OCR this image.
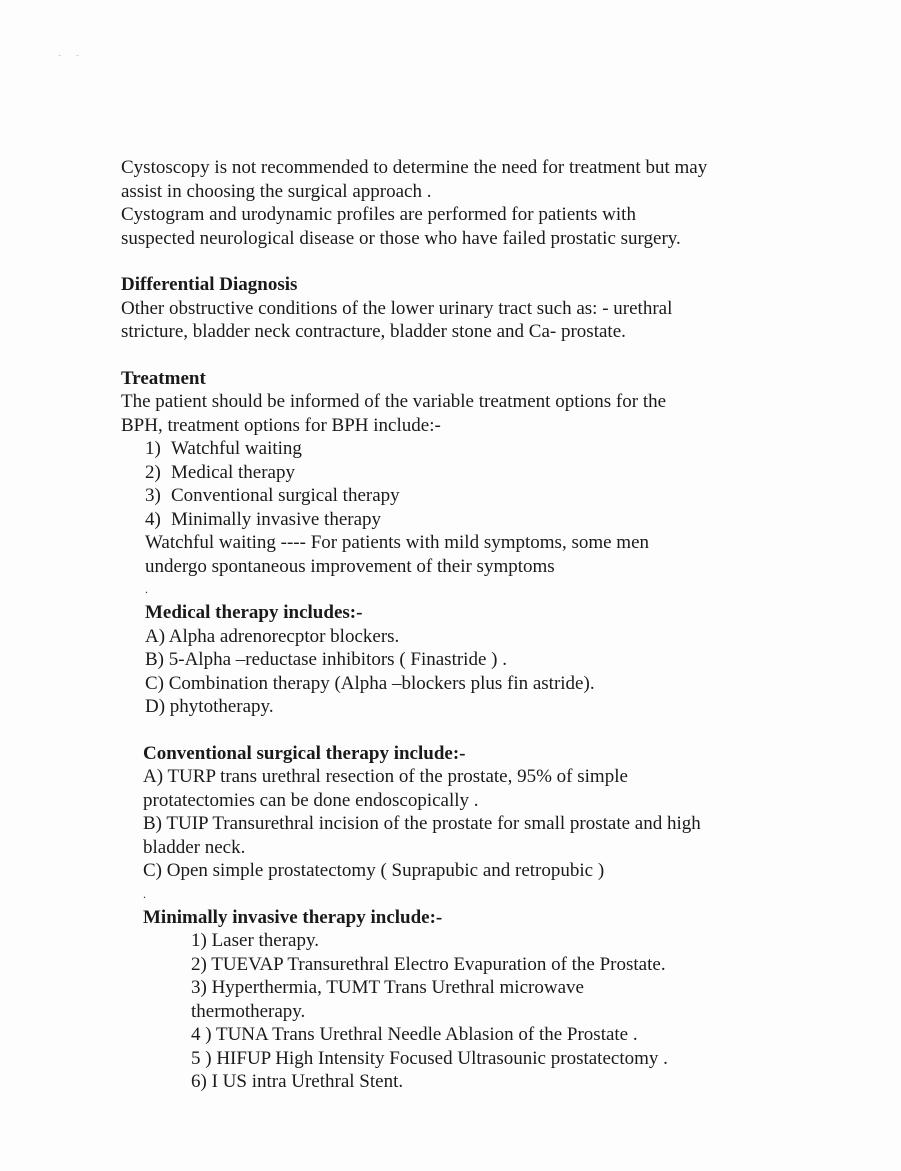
- -

Cystoscopy is not recommended to determine the need for treatment but may

assist in choosing the surgical approach .

Cystogram and urodynamic profiles are performed for patients with

suspected neurological disease or those who have failed prostatic surgery.

Differential Diagnosis

Other obstructive conditions of the lower urinary tract such as: - urethral

stricture, bladder neck contracture, bladder stone and Ca- prostate.

Treatment

The patient should be informed of the variable treatment options for the

BPH, treatment options for BPH include:-

1) Watchful waiting
2) Medical therapy
3) Conventional surgical therapy
4) Minimally invasive therapy

Watchful waiting ---- For patients with mild symptoms, some men

undergo spontaneous improvement of their symptoms

.

Medical therapy includes:-

A) Alpha adrenorecptor blockers.

B) 5-Alpha –reductase inhibitors ( Finastride ) .

C) Combination therapy (Alpha –blockers plus fin astride).

D) phytotherapy.

Conventional surgical therapy include:-

A) TURP trans urethral resection of the prostate, 95% of simple

protatectomies can be done endoscopically .

B) TUIP Transurethral incision of the prostate for small prostate and high

bladder neck.

C) Open simple prostatectomy ( Suprapubic and retropubic )

.

Minimally invasive therapy include:-

1) Laser therapy.

2) TUEVAP Transurethral Electro Evapuration of the Prostate.

3) Hyperthermia, TUMT Trans Urethral microwave

thermotherapy.

4 ) TUNA Trans Urethral Needle Ablasion of the Prostate .

5 ) HIFUP High Intensity Focused Ultrasounic prostatectomy .

6) I US intra Urethral Stent.
